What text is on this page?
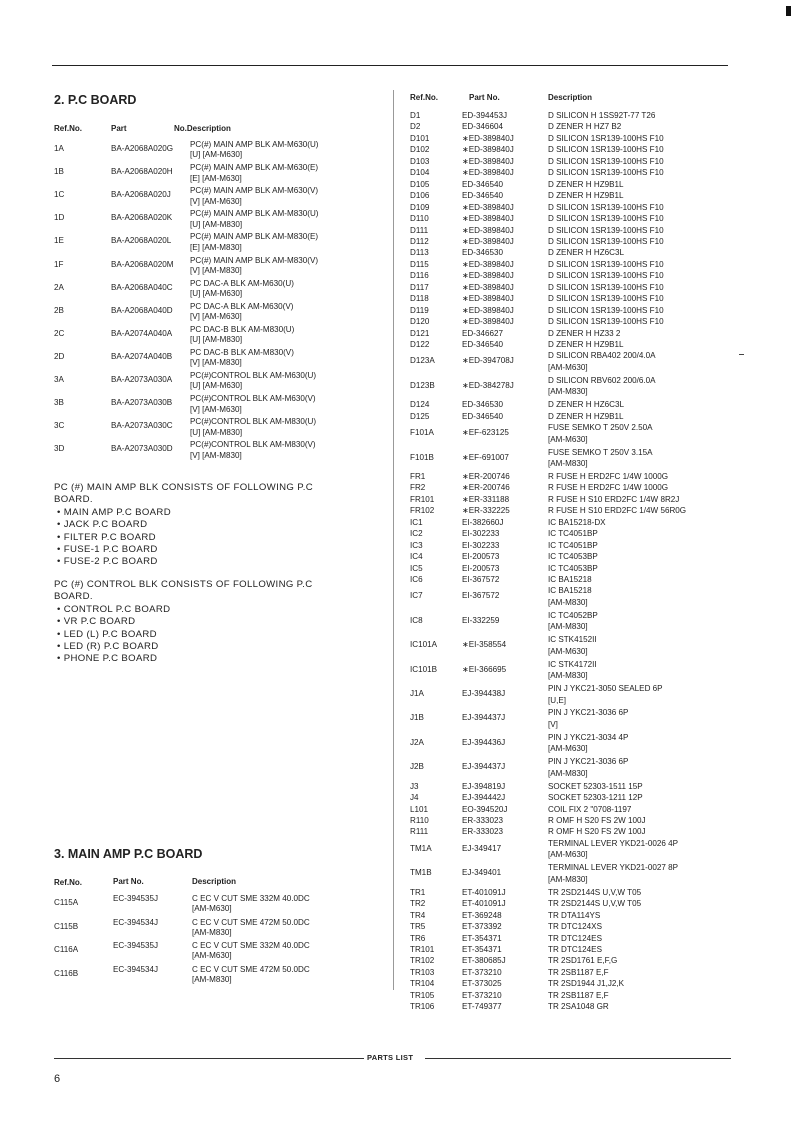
2. P.C BOARD
Ref.No.	Part	No.Description
1A	BA-A2068A020G PC(#) MAIN AMP BLK AM-M630(U)
[U] [AM-M630]
1B	BA-A2068A020H PC(#) MAIN AMP BLK AM-M630(E)
[E] [AM-M630]
1C	BA-A2068A020J PC(#) MAIN AMP BLK AM-M630(V)
[V] [AM-M630]
1D	BA-A2068A020K PC(#) MAIN AMP BLK AM-M830(U)
[U] [AM-M830]
1E	BA-A2068A020L PC(#) MAIN AMP BLK AM-M830(E)
[E] [AM-M830]
1F	BA-A2068A020M PC(#) MAIN AMP BLK AM-M830(V)
[V] [AM-M830]
2A	BA-A2068A040C PC DAC-A BLK AM-M630(U)
[U] [AM-M630]
2B	BA-A2068A040D PC DAC-A BLK AM-M630(V)
[V] [AM-M630]
2C	BA-A2074A040A PC DAC-B BLK AM-M830(U)
[U] [AM-M830]
2D	BA-A2074A040B PC DAC-B BLK AM-M830(V)
[V] [AM-M830]
3A	BA-A2073A030A PC(#)CONTROL BLK AM-M630(U)
[U] [AM-M630]
3B	BA-A2073A030B PC(#)CONTROL BLK AM-M630(V)
[V] [AM-M630]
3C	BA-A2073A030C PC(#)CONTROL BLK AM-M830(U)
[U] [AM-M830]
3D	BA-A2073A030D PC(#)CONTROL BLK AM-M830(V)
[V] [AM-M830]
PC (#) MAIN AMP BLK CONSISTS OF FOLLOWING P.C
BOARD.
• MAIN AMP P.C BOARD
• JACK P.C BOARD
• FILTER P.C BOARD
• FUSE-1 P.C BOARD
• FUSE-2 P.C BOARD
PC (#) CONTROL BLK CONSISTS OF FOLLOWING P.C
BOARD.
• CONTROL P.C BOARD
• VR P.C BOARD
• LED (L) P.C BOARD
• LED (R) P.C BOARD
• PHONE P.C BOARD
3. MAIN AMP P.C BOARD
Ref.No.	Part No.	Description
C115A	EC-394535J	C EC V CUT SME 332M 40.0DC
[AM-M630]
C115B	EC-394534J	C EC V CUT SME 472M 50.0DC
[AM-M830]
C116A	EC-394535J	C EC V CUT SME 332M 40.0DC
[AM-M630]
C116B	EC-394534J	C EC V CUT SME 472M 50.0DC
[AM-M830]
Ref.No.	Part No.	Description
D1	ED-394453J	D SILICON H 1SS92T-77 T26
D2	ED-346604	D ZENER H HZ7 B2
D101	∗ED-389840J	D SILICON 1SR139-100HS F10
D102	∗ED-389840J	D SILICON 1SR139-100HS F10
D103	∗ED-389840J	D SILICON 1SR139-100HS F10
D104	∗ED-389840J	D SILICON 1SR139-100HS F10
D105	ED-346540	D ZENER H HZ9B1L
D106	ED-346540	D ZENER H HZ9B1L
D109	∗ED-389840J	D SILICON 1SR139-100HS F10
D110	∗ED-389840J	D SILICON 1SR139-100HS F10
D111	∗ED-389840J	D SILICON 1SR139-100HS F10
D112	∗ED-389840J	D SILICON 1SR139-100HS F10
D113	ED-346530	D ZENER H HZ6C3L
D115	∗ED-389840J	D SILICON 1SR139-100HS F10
D116	∗ED-389840J	D SILICON 1SR139-100HS F10
D117	∗ED-389840J	D SILICON 1SR139-100HS F10
D118	∗ED-389840J	D SILICON 1SR139-100HS F10
D119	∗ED-389840J	D SILICON 1SR139-100HS F10
D120	∗ED-389840J	D SILICON 1SR139-100HS F10
D121	ED-346627	D ZENER H HZ33 2
D122	ED-346540	D ZENER H HZ9B1L
D123A	∗ED-394708J
D SILICON RBA402 200/4.0A
[AM-M630]
D123B	∗ED-384278J
D SILICON RBV602 200/6.0A
[AM-M830]
D124	ED-346530	D ZENER H HZ6C3L
D125	ED-346540	D ZENER H HZ9B1L
F101A	∗EF-623125
FUSE SEMKO T 250V 2.50A
[AM-M630]
F101B	∗EF-691007
FUSE SEMKO T 250V 3.15A
[AM-M830]
FR1	∗ER-200746	R FUSE H ERD2FC 1/4W 1000G
FR2	∗ER-200746	R FUSE H ERD2FC 1/4W 1000G
FR101	∗ER-331188	R FUSE H S10 ERD2FC 1/4W 8R2J
FR102	∗ER-332225	R FUSE H S10 ERD2FC 1/4W 56R0G
IC1	EI-382660J	IC BA15218-DX
IC2	EI-302233	IC TC4051BP
IC3	EI-302233	IC TC4051BP
IC4	EI-200573	IC TC4053BP
IC5	EI-200573	IC TC4053BP
IC6	EI-367572	IC BA15218
IC7	EI-367572
IC BA15218
[AM-M830]
IC8	EI-332259
IC TC4052BP
[AM-M830]
IC101A	∗EI-358554
IC STK4152II
[AM-M630]
IC101B	∗EI-366695
IC STK4172II
[AM-M830]
J1A	EJ-394438J
PIN J YKC21-3050 SEALED 6P
[U,E]
J1B	EJ-394437J
PIN J YKC21-3036 6P
[V]
J2A	EJ-394436J
PIN J YKC21-3034 4P
[AM-M630]
J2B	EJ-394437J
PIN J YKC21-3036 6P
[AM-M830]
J3	EJ-394819J	SOCKET 52303-1511 15P
J4	EJ-394442J	SOCKET 52303-1211 12P
L101	EO-394520J	COIL FIX 2 "0708-1197
R110	ER-333023	R OMF H S20 FS 2W 100J
R111	ER-333023	R OMF H S20 FS 2W 100J
TM1A	EJ-349417
TERMINAL LEVER YKD21-0026 4P
[AM-M630]
TM1B	EJ-349401
TERMINAL LEVER YKD21-0027 8P
[AM-M830]
TR1	ET-401091J	TR 2SD2144S U,V,W T05
TR2	ET-401091J	TR 2SD2144S U,V,W T05
TR4	ET-369248	TR DTA114YS
TR5	ET-373392	TR DTC124XS
TR6	ET-354371	TR DTC124ES
TR101	ET-354371	TR DTC124ES
TR102	ET-380685J	TR 2SD1761 E,F,G
TR103	ET-373210	TR 2SB1187 E,F
TR104	ET-373025	TR 2SD1944 J1,J2,K
TR105	ET-373210	TR 2SB1187 E,F
TR106	ET-749377	TR 2SA1048 GR
PARTS LIST
6
